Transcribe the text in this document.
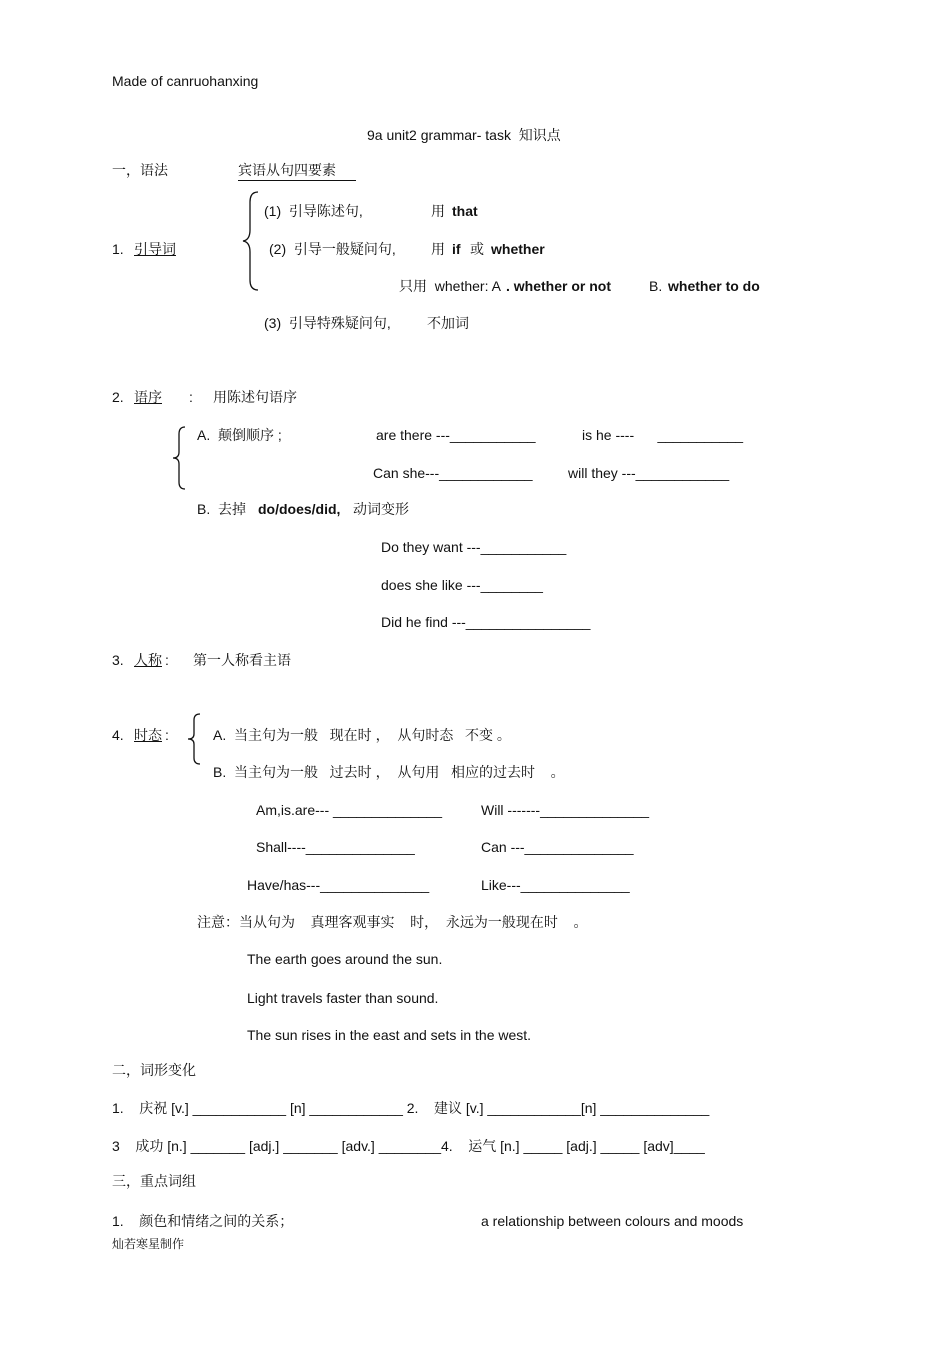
Made of canruohanxing
9a unit2 grammar- task  知识点
一，语法	宾语从句四要素
(1)  引导陈述句,	用 that
1. 引导词	(2)  引导一般疑问句,	用 if 或 whether
只用  whether: A . whether or not	B. whether to do
(3)  引导特殊疑问句,	不加词
2. 语序 : 用陈述句语序
A.  颠倒顺序 ;	are there ---___________	is he ----      ___________
Can she---____________	will they ---____________
B.  去掉 do/does/did, 动词变形
Do they want ---___________
does she like ---________
Did he find ---________________
3. 人称 : 第一人称看主语
4. 时态 :	A.  当主句为一般   现在时 ，  从句时态   不变 。
B.  当主句为一般   过去时 ，  从句用   相应的过去时    。
Am,is.are--- ______________	Will -------______________
Shall----______________	Can ---______________
Have/has---______________	Like---______________
注意：当从句为    真理客观事实    时，  永远为一般现在时    。
The earth goes around the sun.
Light travels faster than sound.
The sun rises in the east and sets in the west.
二，词形变化
1.    庆祝 [v.] ____________ [n] ____________ 2.    建议 [v.] ____________[n] ______________
3    成功 [n.] _______ [adj.] _______ [adv.] ________4.    运气 [n.] _____ [adj.] _____ [adv]____
三，重点词组
1.    颜色和情绪之间的关系；	a relationship between colours and moods
灿若寒星制作
